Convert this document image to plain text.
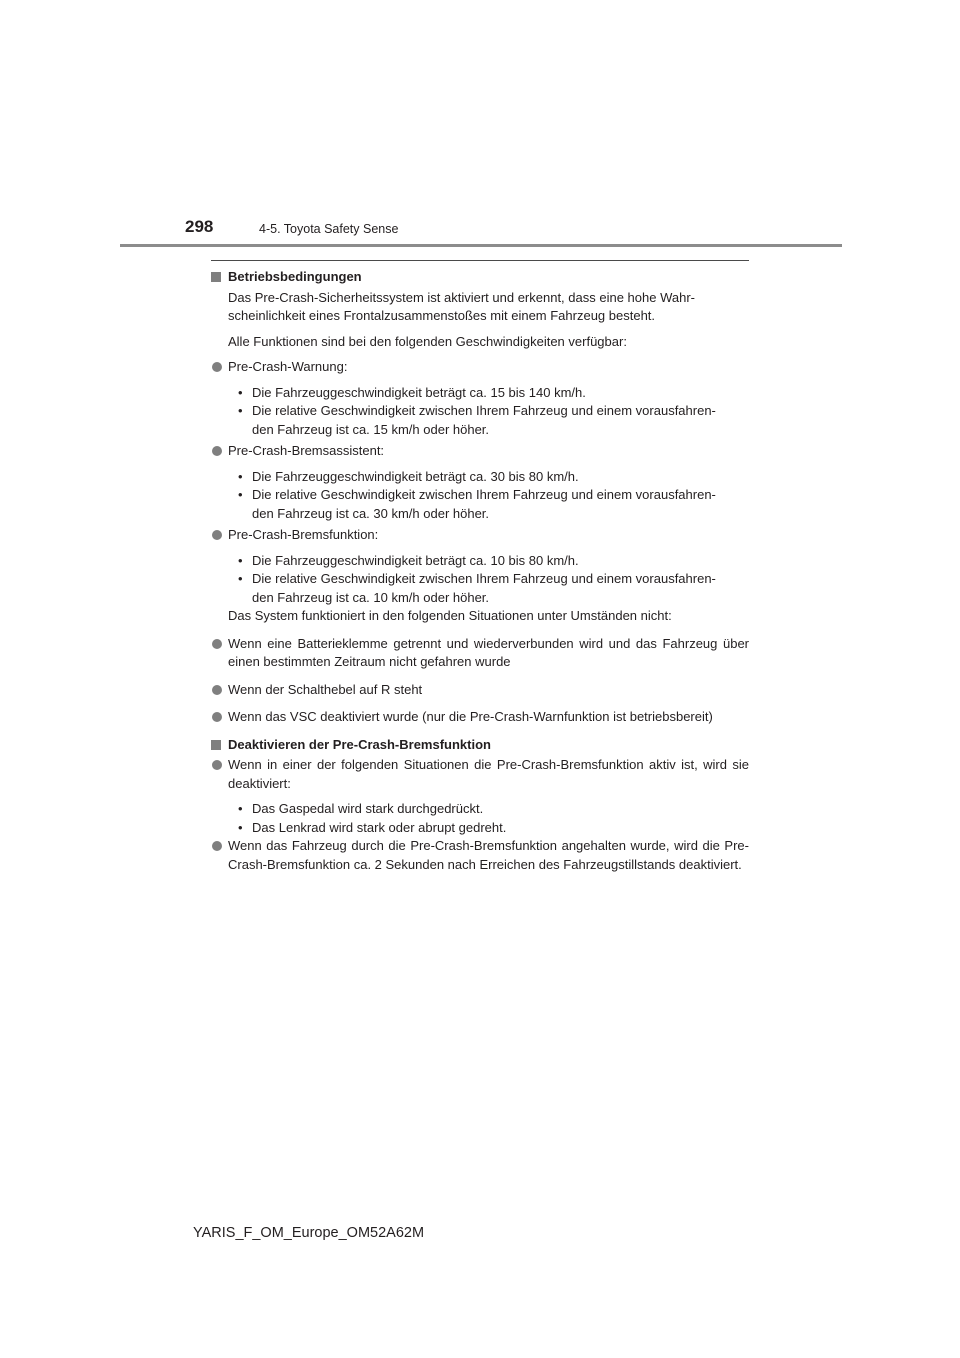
298	4-5. Toyota Safety Sense

Betriebsbedingungen

Das Pre-Crash-Sicherheitssystem ist aktiviert und erkennt, dass eine hohe Wahr-

scheinlichkeit eines Frontalzusammenstoßes mit einem Fahrzeug besteht.

Alle Funktionen sind bei den folgenden Geschwindigkeiten verfügbar:

Pre-Crash-Warnung:

• Die Fahrzeuggeschwindigkeit beträgt ca. 15 bis 140 km/h.

• Die relative Geschwindigkeit zwischen Ihrem Fahrzeug und einem vorausfahren-

den Fahrzeug ist ca. 15 km/h oder höher.

Pre-Crash-Bremsassistent:

• Die Fahrzeuggeschwindigkeit beträgt ca. 30 bis 80 km/h.

• Die relative Geschwindigkeit zwischen Ihrem Fahrzeug und einem vorausfahren-

den Fahrzeug ist ca. 30 km/h oder höher.

Pre-Crash-Bremsfunktion:

• Die Fahrzeuggeschwindigkeit beträgt ca. 10 bis 80 km/h.

• Die relative Geschwindigkeit zwischen Ihrem Fahrzeug und einem vorausfahren-

den Fahrzeug ist ca. 10 km/h oder höher.

Das System funktioniert in den folgenden Situationen unter Umständen nicht:

Wenn eine Batterieklemme getrennt und wiederverbunden wird und das Fahrzeug über einen bestimmten Zeitraum nicht gefahren wurde

Wenn der Schalthebel auf R steht

Wenn das VSC deaktiviert wurde (nur die Pre-Crash-Warnfunktion ist betriebsbereit)

Deaktivieren der Pre-Crash-Bremsfunktion

Wenn in einer der folgenden Situationen die Pre-Crash-Bremsfunktion aktiv ist, wird sie deaktiviert:

• Das Gaspedal wird stark durchgedrückt.

• Das Lenkrad wird stark oder abrupt gedreht.

Wenn das Fahrzeug durch die Pre-Crash-Bremsfunktion angehalten wurde, wird die Pre-Crash-Bremsfunktion ca. 2 Sekunden nach Erreichen des Fahrzeugstillstands deaktiviert.

YARIS_F_OM_Europe_OM52A62M
